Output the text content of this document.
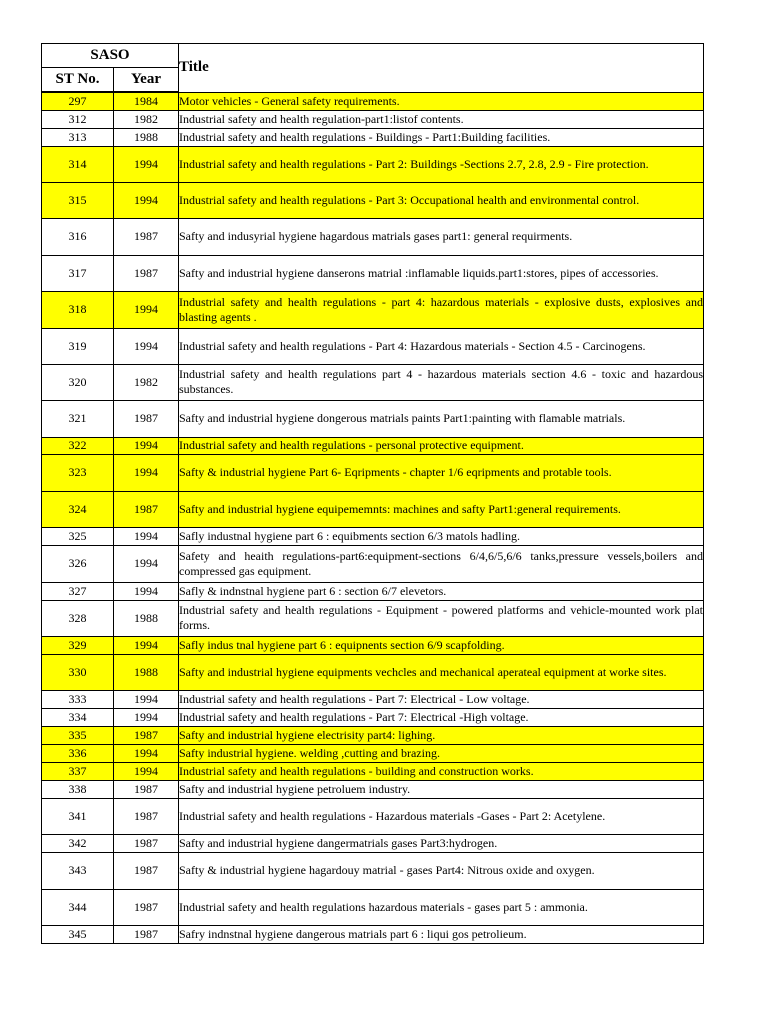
SASO		Title
ST No.	Year	
297	1984	Motor vehicles - General safety requirements.
312	1982	Industrial safety and health regulation-part1:listof contents.
313	1988	Industrial safety and health regulations - Buildings - Part1:Building facilities.
314	1994	Industrial safety and health regulations - Part 2: Buildings -Sections 2.7, 2.8, 2.9 - Fire protection.
315	1994	Industrial safety and health regulations - Part 3: Occupational health and environmental control.
316	1987	Safty and indusyrial hygiene hagardous matrials gases part1: general requirments.
317	1987	Safty and industrial hygiene danserons matrial :inflamable liquids.part1:stores, pipes of accessories.
318	1994	Industrial safety and health regulations - part 4: hazardous materials - explosive dusts, explosives and blasting agents .
319	1994	Industrial safety and health regulations - Part 4: Hazardous materials - Section 4.5 - Carcinogens.
320	1982	Industrial safety and health regulations part 4 - hazardous materials section 4.6 - toxic and hazardous substances.
321	1987	Safty and industrial hygiene dongerous matrials paints Part1:painting with flamable matrials.
322	1994	Industrial safety and health regulations - personal protective equipment.
323	1994	Safty & industrial hygiene Part 6- Eqripments - chapter 1/6 eqripments and protable tools.
324	1987	Safty and industrial hygiene equipememnts: machines and safty Part1:general requirements.
325	1994	Safly industnal hygiene part 6 : equibments section 6/3 matols hadling.
326	1994	Safety and heaith regulations-part6:equipment-sections 6/4,6/5,6/6 tanks,pressure vessels,boilers and compressed gas equipment.
327	1994	Safly & indnstnal hygiene part 6 : section 6/7 elevetors.
328	1988	Industrial safety and health regulations - Equipment - powered platforms and vehicle-mounted work plat forms.
329	1994	Safly indus tnal hygiene part 6 : equipnents section 6/9 scapfolding.
330	1988	Safty and industrial hygiene equipments vechcles and mechanical aperateal equipment at worke sites.
333	1994	Industrial safety and health regulations - Part 7: Electrical - Low voltage.
334	1994	Industrial safety and health regulations - Part 7: Electrical -High voltage.
335	1987	Safty and industrial hygiene electrisity part4: lighing.
336	1994	Safty industrial hygiene. welding ,cutting and brazing.
337	1994	Industrial safety and health regulations - building and construction works.
338	1987	Safty and industrial hygiene petroluem industry.
341	1987	Industrial safety and health regulations - Hazardous materials -Gases - Part 2: Acetylene.
342	1987	Safty and industrial hygiene dangermatrials gases Part3:hydrogen.
343	1987	Safty & industrial hygiene hagardouy matrial - gases Part4: Nitrous oxide and oxygen.
344	1987	Industrial safety and health regulations hazardous materials - gases part 5 : ammonia.
345	1987	Safry indnstnal hygiene dangerous matrials part 6 : liqui gos petrolieum.
